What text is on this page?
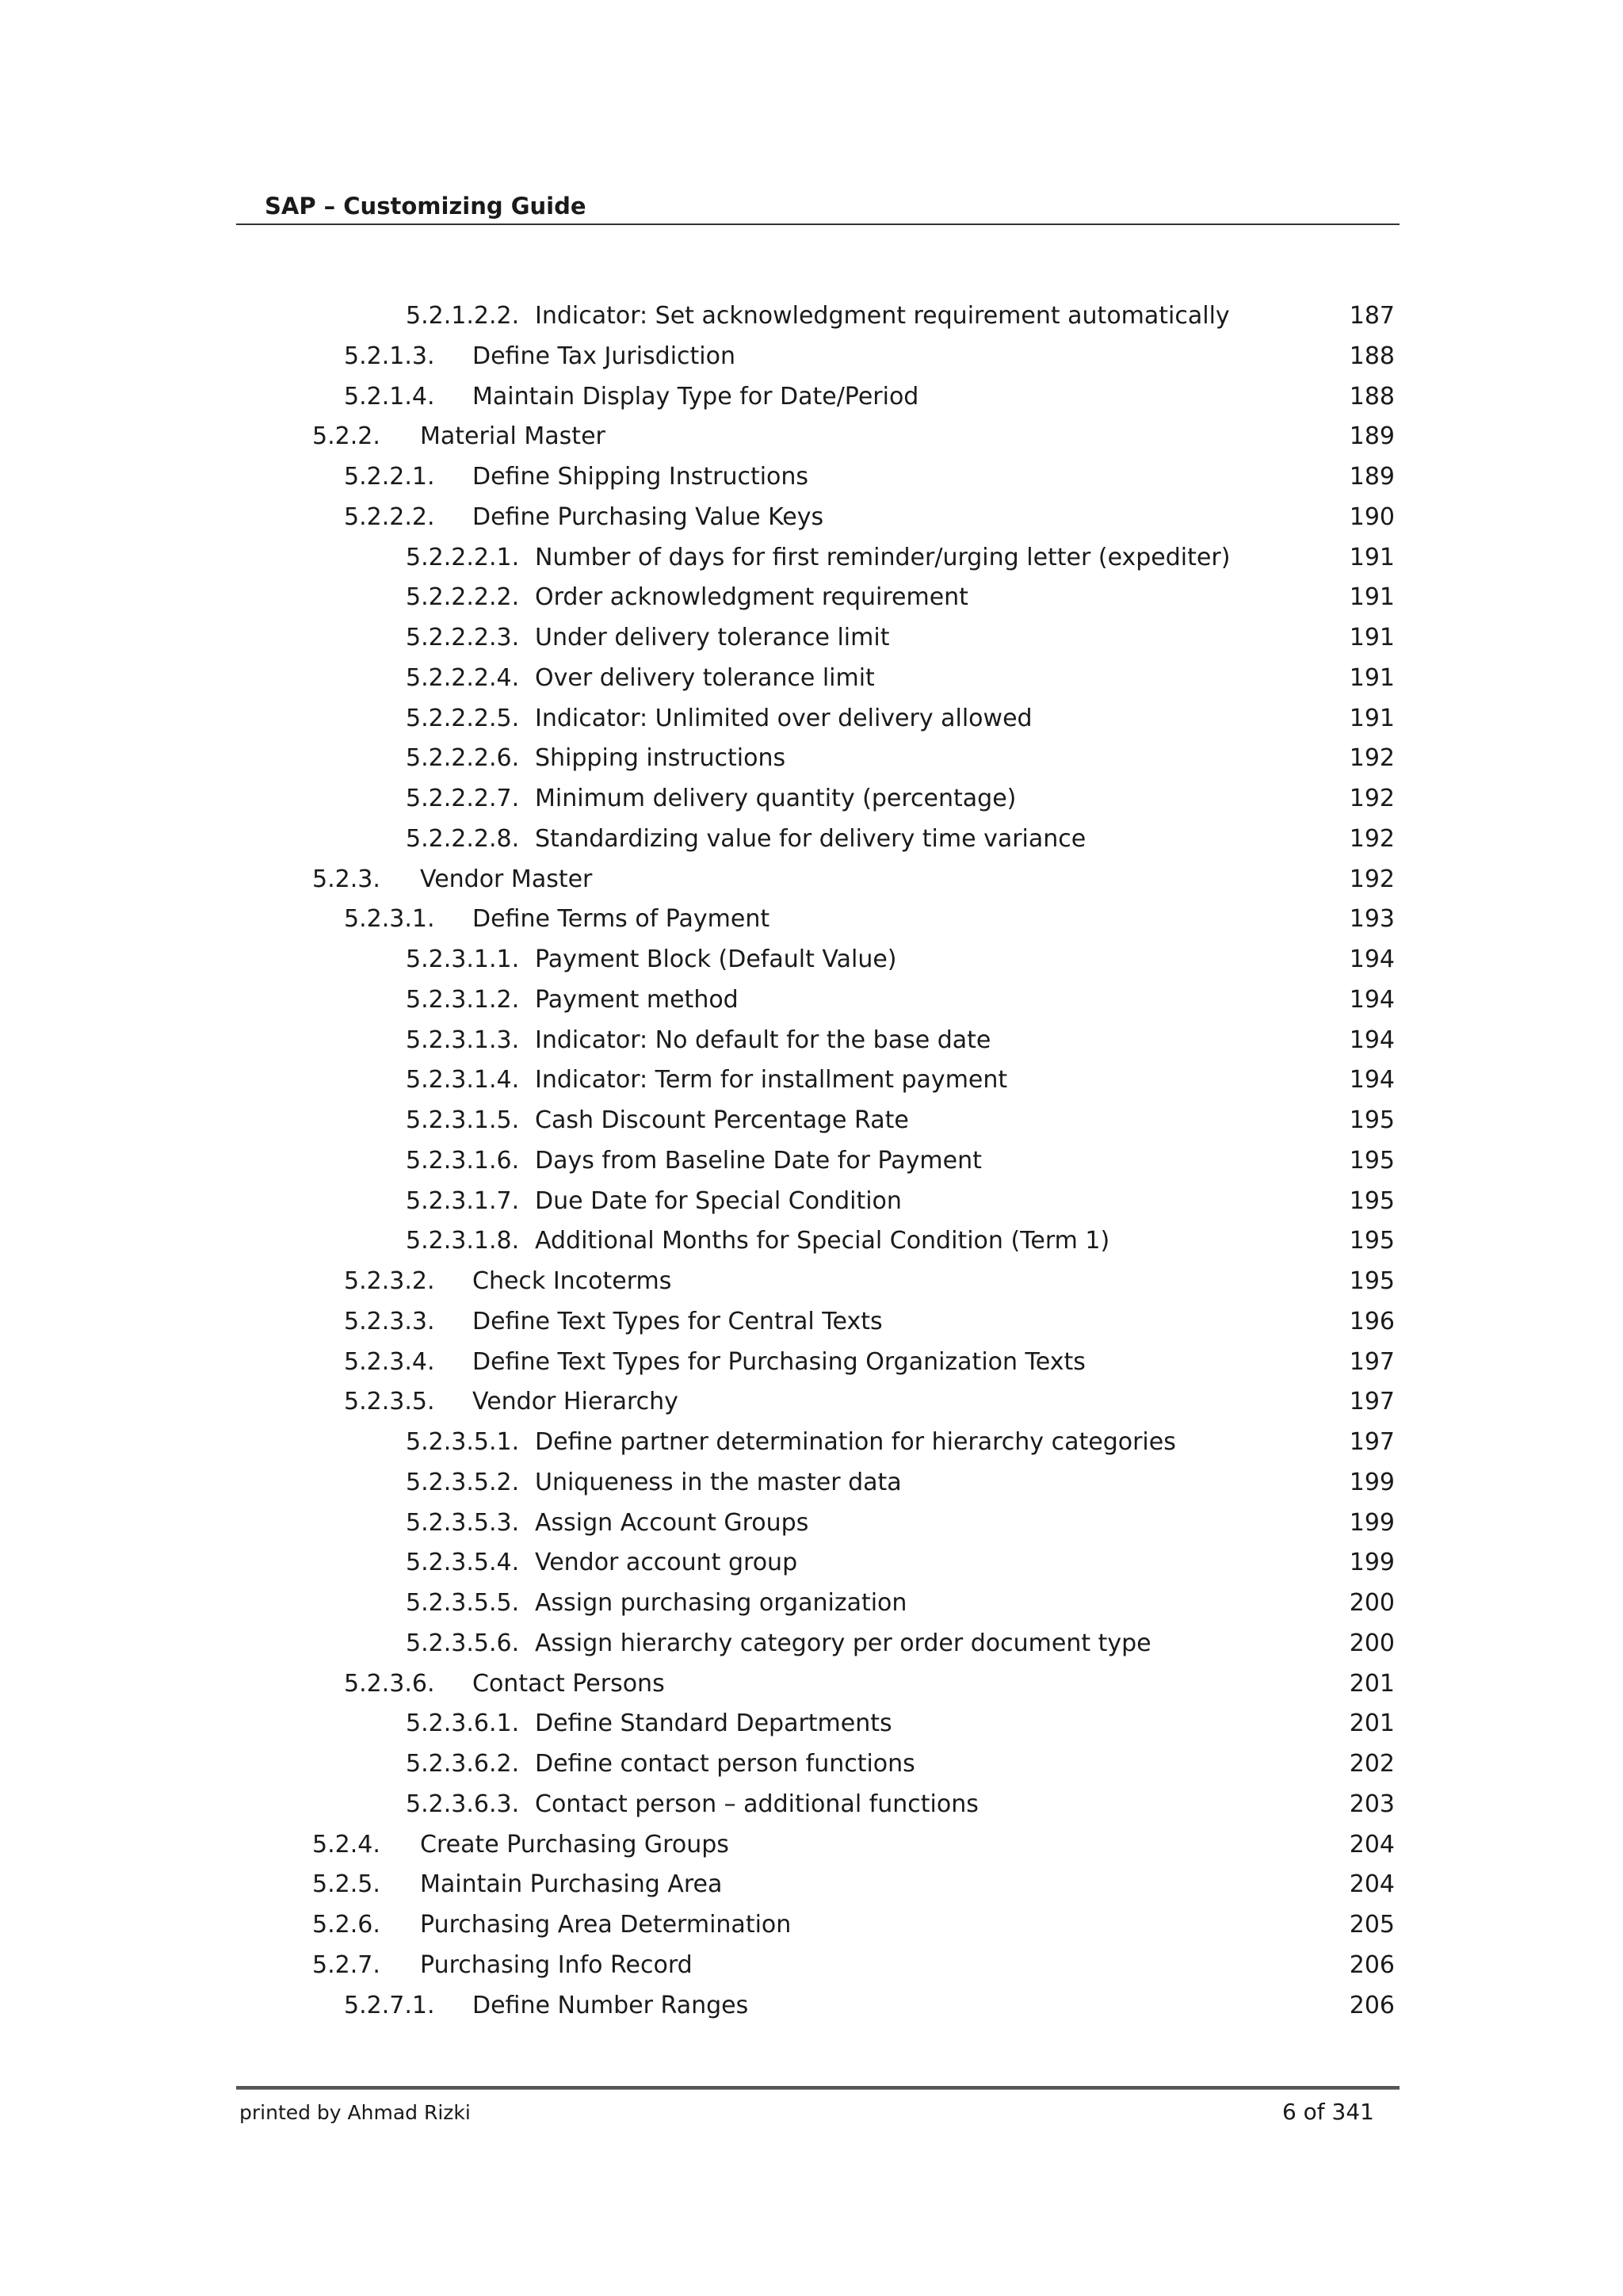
SAP – Customizing Guide
5.2.1.2.2. Indicator: Set acknowledgment requirement automatically	187
5.2.1.3. Define Tax Jurisdiction	188
5.2.1.4. Maintain Display Type for Date/Period	188
5.2.2. Material Master	189
5.2.2.1. Define Shipping Instructions	189
5.2.2.2. Define Purchasing Value Keys	190
5.2.2.2.1. Number of days for first reminder/urging letter (expediter)	191
5.2.2.2.2. Order acknowledgment requirement	191
5.2.2.2.3. Under delivery tolerance limit	191
5.2.2.2.4. Over delivery tolerance limit	191
5.2.2.2.5. Indicator: Unlimited over delivery allowed	191
5.2.2.2.6. Shipping instructions	192
5.2.2.2.7. Minimum delivery quantity (percentage)	192
5.2.2.2.8. Standardizing value for delivery time variance	192
5.2.3. Vendor Master	192
5.2.3.1. Define Terms of Payment	193
5.2.3.1.1. Payment Block (Default Value)	194
5.2.3.1.2. Payment method	194
5.2.3.1.3. Indicator: No default for the base date	194
5.2.3.1.4. Indicator: Term for installment payment	194
5.2.3.1.5. Cash Discount Percentage Rate	195
5.2.3.1.6. Days from Baseline Date for Payment	195
5.2.3.1.7. Due Date for Special Condition	195
5.2.3.1.8. Additional Months for Special Condition (Term 1)	195
5.2.3.2. Check Incoterms	195
5.2.3.3. Define Text Types for Central Texts	196
5.2.3.4. Define Text Types for Purchasing Organization Texts	197
5.2.3.5. Vendor Hierarchy	197
5.2.3.5.1. Define partner determination for hierarchy categories	197
5.2.3.5.2. Uniqueness in the master data	199
5.2.3.5.3. Assign Account Groups	199
5.2.3.5.4. Vendor account group	199
5.2.3.5.5. Assign purchasing organization	200
5.2.3.5.6. Assign hierarchy category per order document type	200
5.2.3.6. Contact Persons	201
5.2.3.6.1. Define Standard Departments	201
5.2.3.6.2. Define contact person functions	202
5.2.3.6.3. Contact person – additional functions	203
5.2.4. Create Purchasing Groups	204
5.2.5. Maintain Purchasing Area	204
5.2.6. Purchasing Area Determination	205
5.2.7. Purchasing Info Record	206
5.2.7.1. Define Number Ranges	206
printed by Ahmad Rizki	6 of 341
